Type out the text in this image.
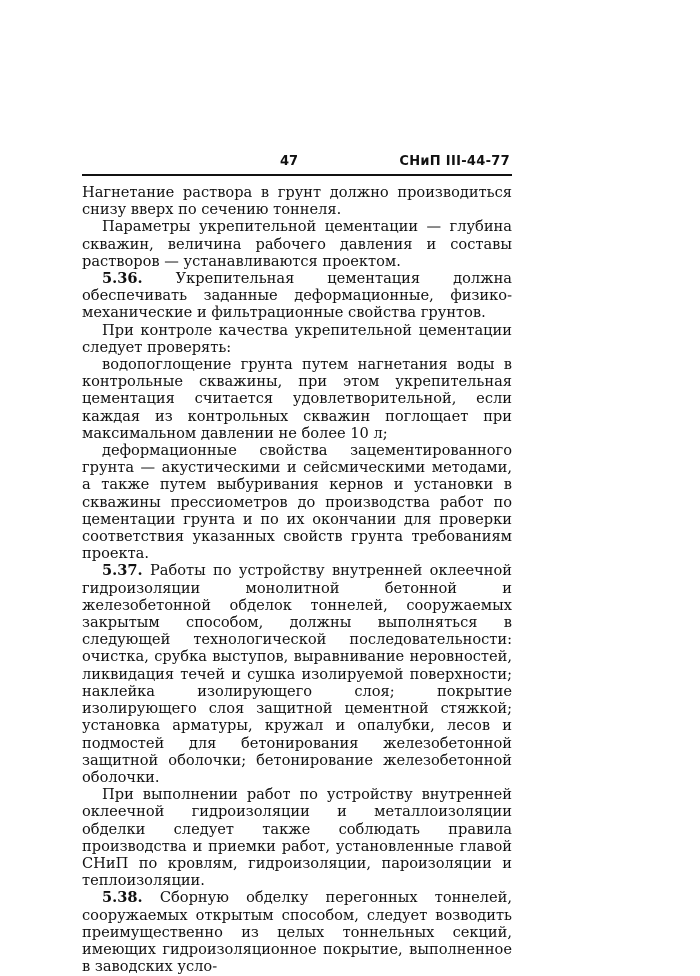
47	СНиП III-44-77

Нагнетание раствора в грунт должно производиться снизу вверх по сечению тоннеля.

Параметры укрепительной цементации — глубина скважин, величина рабочего давления и составы растворов — устанавливаются проектом.

5.36. Укрепительная цементация должна обеспечивать заданные деформационные, физико-механические и фильтрационные свойства грунтов.

При контроле качества укрепительной цементации следует проверять:

водопоглощение грунта путем нагнетания воды в контрольные скважины, при этом укрепительная цементация считается удовлетворительной, если каждая из контрольных скважин поглощает при максимальном давлении не более 10 л;

деформационные свойства зацементированного грунта — акустическими и сейсмическими методами, а также путем выбуривания кернов и установки в скважины прессиометров до производства работ по цементации грунта и по их окончании для проверки соответствия указанных свойств грунта требованиям проекта.

5.37. Работы по устройству внутренней оклеечной гидроизоляции монолитной бетонной и железобетонной обделок тоннелей, сооружаемых закрытым способом, должны выполняться в следующей технологической последовательности: очистка, срубка выступов, выравнивание неровностей, ликвидация течей и сушка изолируемой поверхности; наклейка изолирующего слоя; покрытие изолирующего слоя защитной цементной стяжкой; установка арматуры, кружал и опалубки, лесов и подмостей для бетонирования железобетонной защитной оболочки; бетонирование железобетонной оболочки.

При выполнении работ по устройству внутренней оклеечной гидроизоляции и металлоизоляции обделки следует также соблюдать правила производства и приемки работ, установленные главой СНиП по кровлям, гидроизоляции, пароизоляции и теплоизоляции.

5.38. Сборную обделку перегонных тоннелей, сооружаемых открытым способом, следует возводить преимущественно из целых тоннельных секций, имеющих гидроизоляционное покрытие, выполненное в заводских усло-
